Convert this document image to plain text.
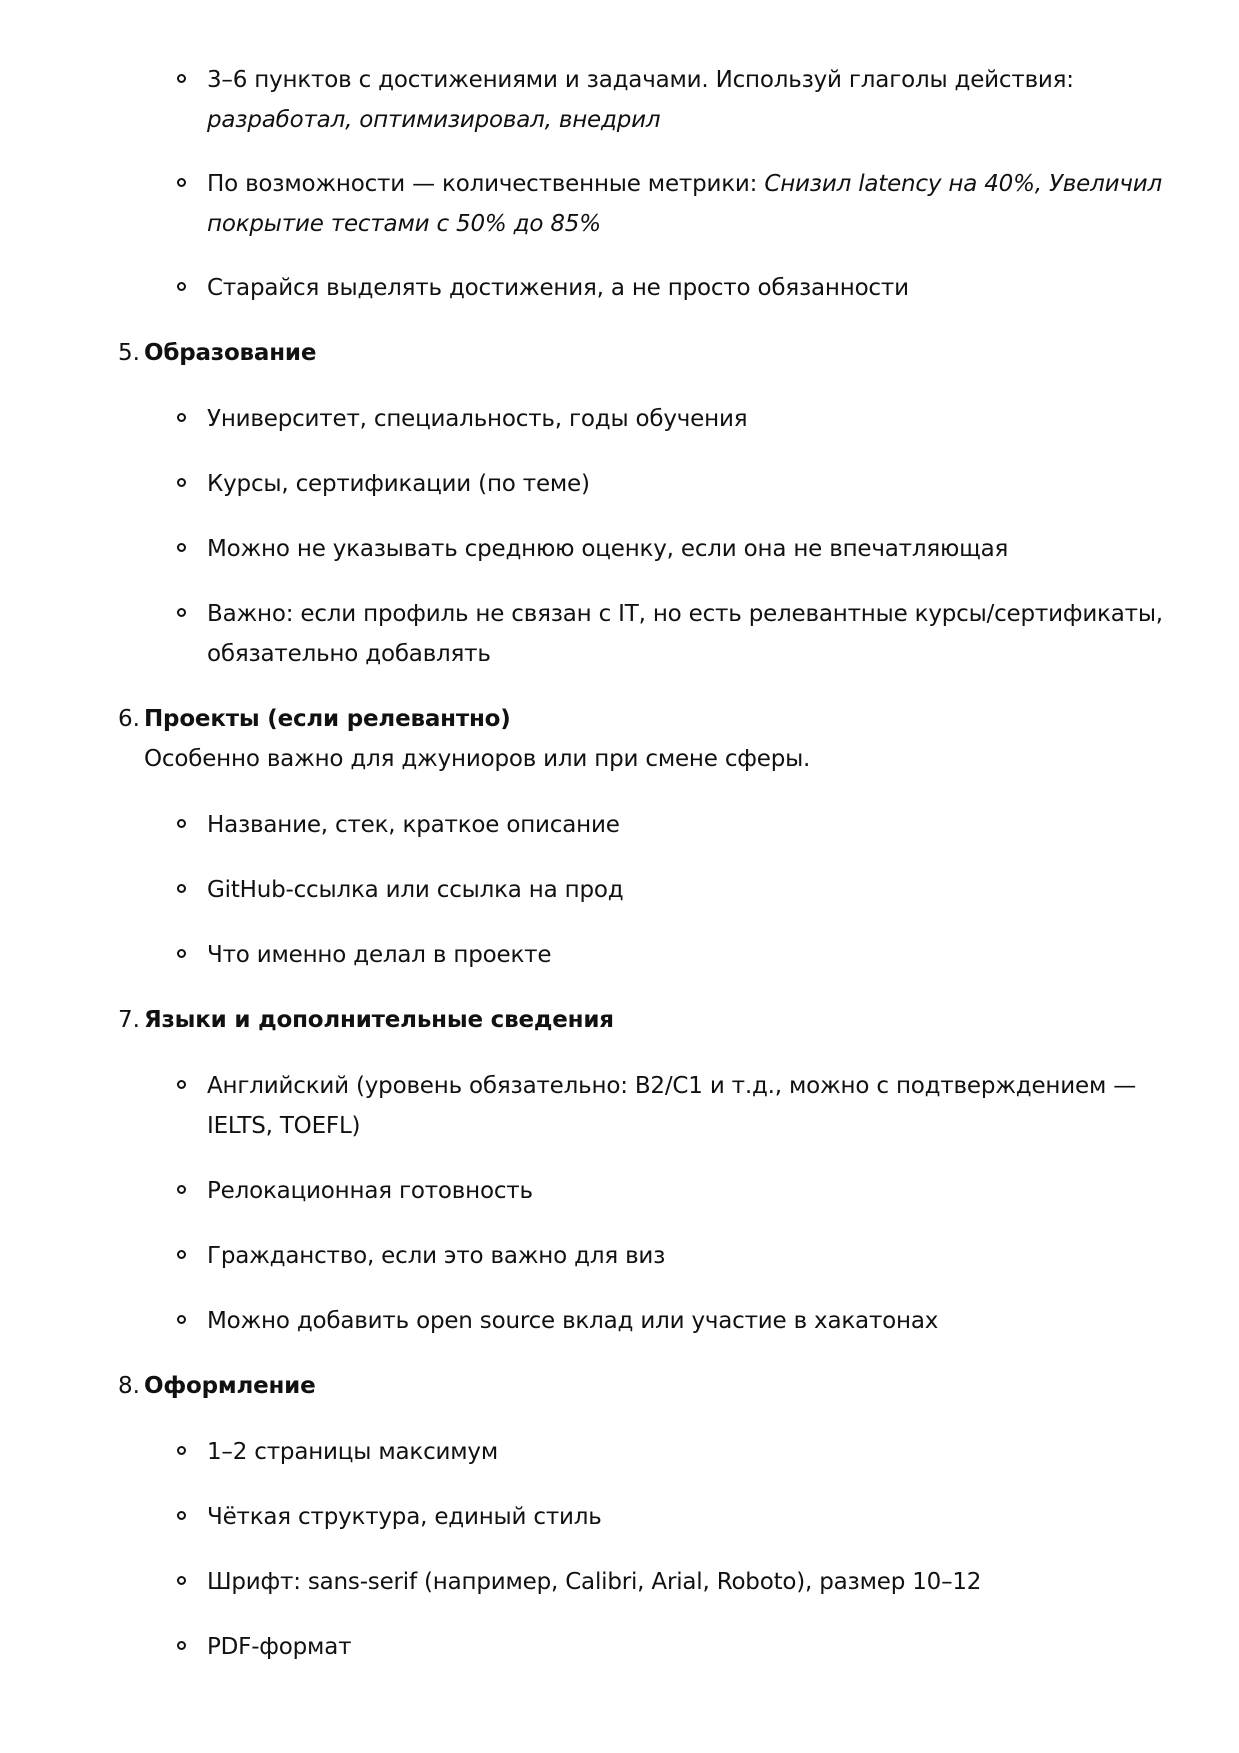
3–6 пунктов с достижениями и задачами. Используй глаголы действия:
разработал, оптимизировал, внедрил
По возможности — количественные метрики: Снизил latency на 40%, Увеличил
покрытие тестами с 50% до 85%
Старайся выделять достижения, а не просто обязанности
5. Образование
Университет, специальность, годы обучения
Курсы, сертификации (по теме)
Можно не указывать среднюю оценку, если она не впечатляющая
Важно: если профиль не связан с IT, но есть релевантные курсы/сертификаты,
обязательно добавлять
6. Проекты (если релевантно)
Особенно важно для джуниоров или при смене сферы.
Название, стек, краткое описание
GitHub-ссылка или ссылка на прод
Что именно делал в проекте
7. Языки и дополнительные сведения
Английский (уровень обязательно: B2/C1 и т.д., можно с подтверждением —
IELTS, TOEFL)
Релокационная готовность
Гражданство, если это важно для виз
Можно добавить open source вклад или участие в хакатонах
8. Оформление
1–2 страницы максимум
Чёткая структура, единый стиль
Шрифт: sans-serif (например, Calibri, Arial, Roboto), размер 10–12
PDF-формат
